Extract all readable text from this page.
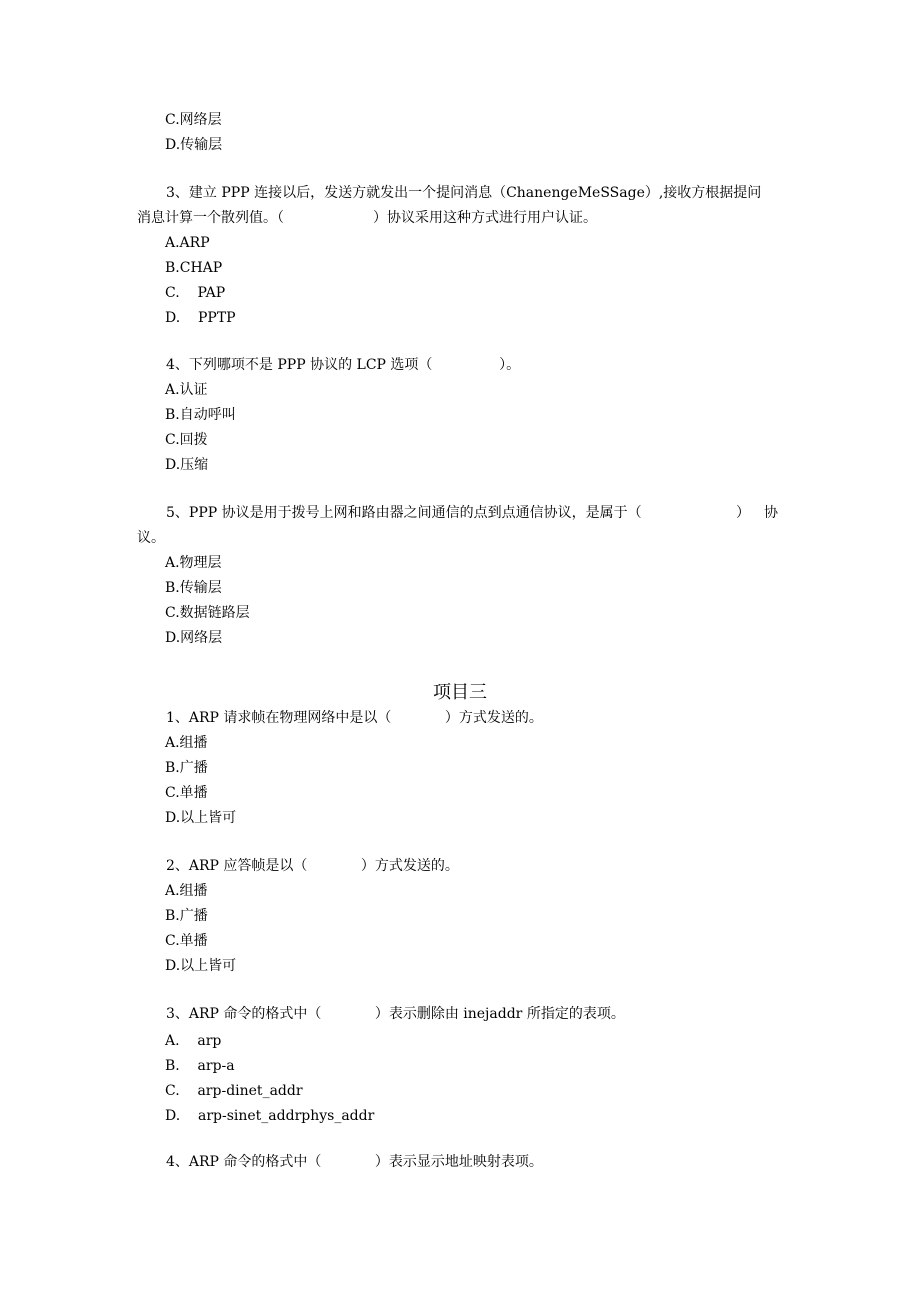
C.网络层
D.传输层
3、建立 PPP 连接以后，发送方就发出一个提问消息（ChanengeMeSSage）,接收方根据提问
消息计算一个散列值。（                    ）协议采用这种方式进行用户认证。
A.ARP
B.CHAP
C.    PAP
D.    PPTP
4、下列哪项不是 PPP 协议的 LCP 选项（               ）。
A.认证
B.自动呼叫
C.回拨
D.压缩
5、PPP 协议是用于拨号上网和路由器之间通信的点到点通信协议，是属于（	） 协
议。
A.物理层
B.传输层
C.数据链路层
D.网络层
项目三
1、ARP 请求帧在物理网络中是以（            ）方式发送的。
A.组播
B.广播
C.单播
D.以上皆可
2、ARP 应答帧是以（            ）方式发送的。
A.组播
B.广播
C.单播
D.以上皆可
3、ARP 命令的格式中（            ）表示删除由 inejaddr 所指定的表项。
A.    arp
B.    arp-a
C.    arp-dinet_addr
D.    arp-sinet_addrphys_addr
4、ARP 命令的格式中（            ）表示显示地址映射表项。
